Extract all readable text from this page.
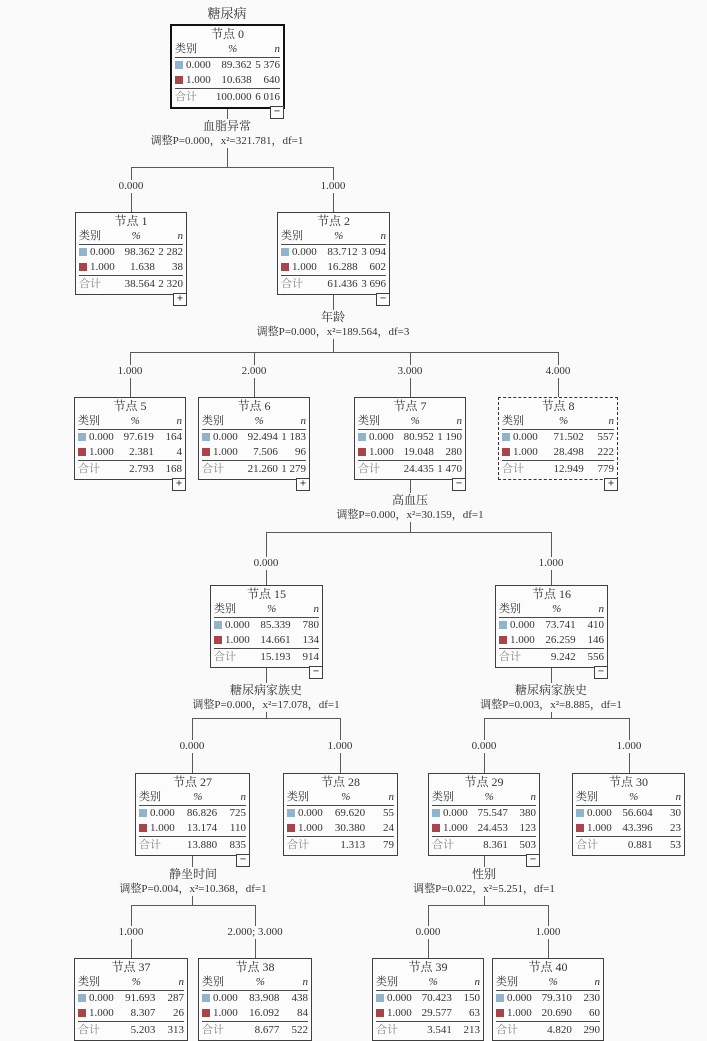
糖尿病
血脂异常
调整P=0.000，x²=321.781，df=1
年龄
调整P=0.000，x²=189.564，df=3
高血压
调整P=0.000，x²=30.159，df=1
糖尿病家族史
调整P=0.000，x²=17.078，df=1
糖尿病家族史
调整P=0.003，x²=8.885，df=1
静坐时间
调整P=0.004，x²=10.368，df=1
性别
调整P=0.022，x²=5.251，df=1
0.000	1.000
1.000	2.000	3.000	4.000
0.000	1.000
0.000	1.000	0.000	1.000
1.000	2.000; 3.000	0.000	1.000
节点 0
类别	%	n
0.000	89.362	5 376
1.000	10.638	640
合计	100.000	6 016
−
节点 1
类别	%	n
0.000	98.362	2 282
1.000	1.638	38
合计	38.564	2 320
+
节点 2
类别	%	n
0.000	83.712	3 094
1.000	16.288	602
合计	61.436	3 696
−
节点 5
类别	%	n
0.000	97.619	164
1.000	2.381	4
合计	2.793	168
+
节点 6
类别	%	n
0.000	92.494	1 183
1.000	7.506	96
合计	21.260	1 279
+
节点 7
类别	%	n
0.000	80.952	1 190
1.000	19.048	280
合计	24.435	1 470
−
节点 8
类别	%	n
0.000	71.502	557
1.000	28.498	222
合计	12.949	779
+
节点 15
类别	%	n
0.000	85.339	780
1.000	14.661	134
合计	15.193	914
−
节点 16
类别	%	n
0.000	73.741	410
1.000	26.259	146
合计	9.242	556
−
节点 27
类别	%	n
0.000	86.826	725
1.000	13.174	110
合计	13.880	835
−
节点 28
类别	%	n
0.000	69.620	55
1.000	30.380	24
合计	1.313	79
节点 29
类别	%	n
0.000	75.547	380
1.000	24.453	123
合计	8.361	503
−
节点 30
类别	%	n
0.000	56.604	30
1.000	43.396	23
合计	0.881	53
节点 37
类别	%	n
0.000	91.693	287
1.000	8.307	26
合计	5.203	313
节点 38
类别	%	n
0.000	83.908	438
1.000	16.092	84
合计	8.677	522
节点 39
类别	%	n
0.000	70.423	150
1.000	29.577	63
合计	3.541	213
节点 40
类别	%	n
0.000	79.310	230
1.000	20.690	60
合计	4.820	290
